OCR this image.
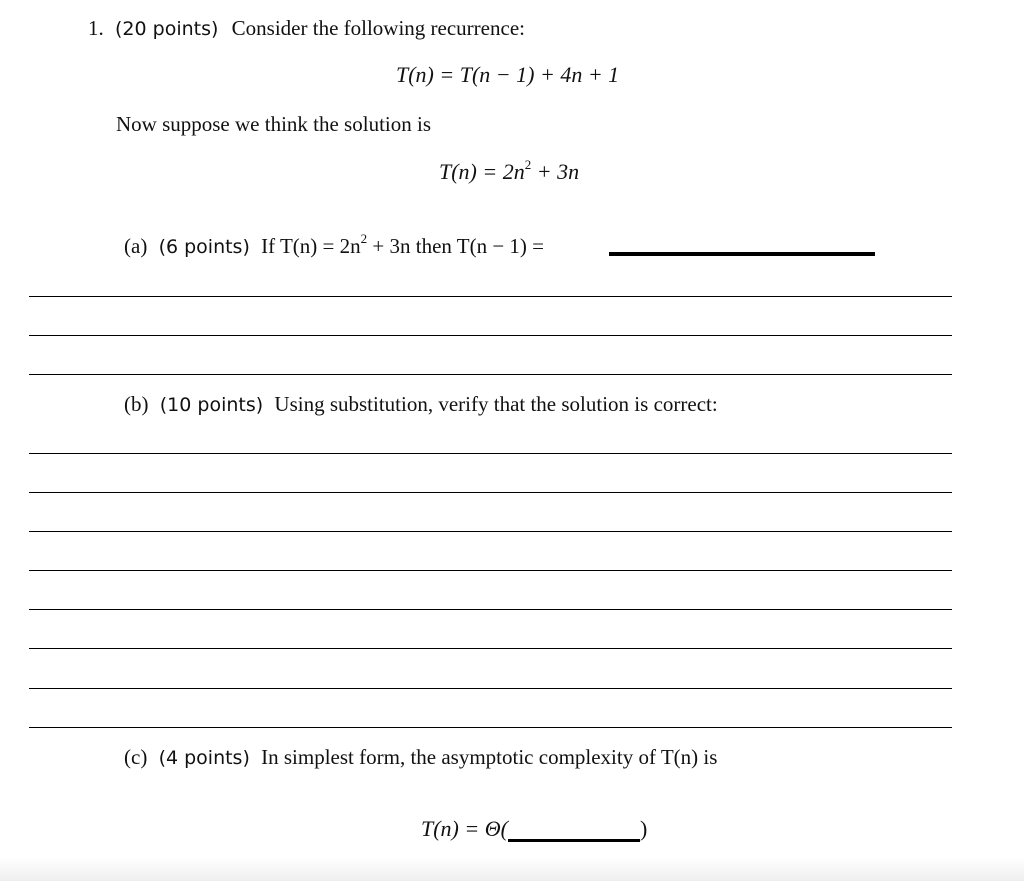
1. (20 points) Consider the following recurrence:
T(n) = T(n − 1) + 4n + 1
Now suppose we think the solution is
$T(n) = 2n^2 + 3n$
(a) (6 points) If $T(n) = 2n^2 + 3n$ then T(n − 1) =
(b) (10 points) Using substitution, verify that the solution is correct:
(c) (4 points) In simplest form, the asymptotic complexity of T(n) is
T(n) = Θ(	)
